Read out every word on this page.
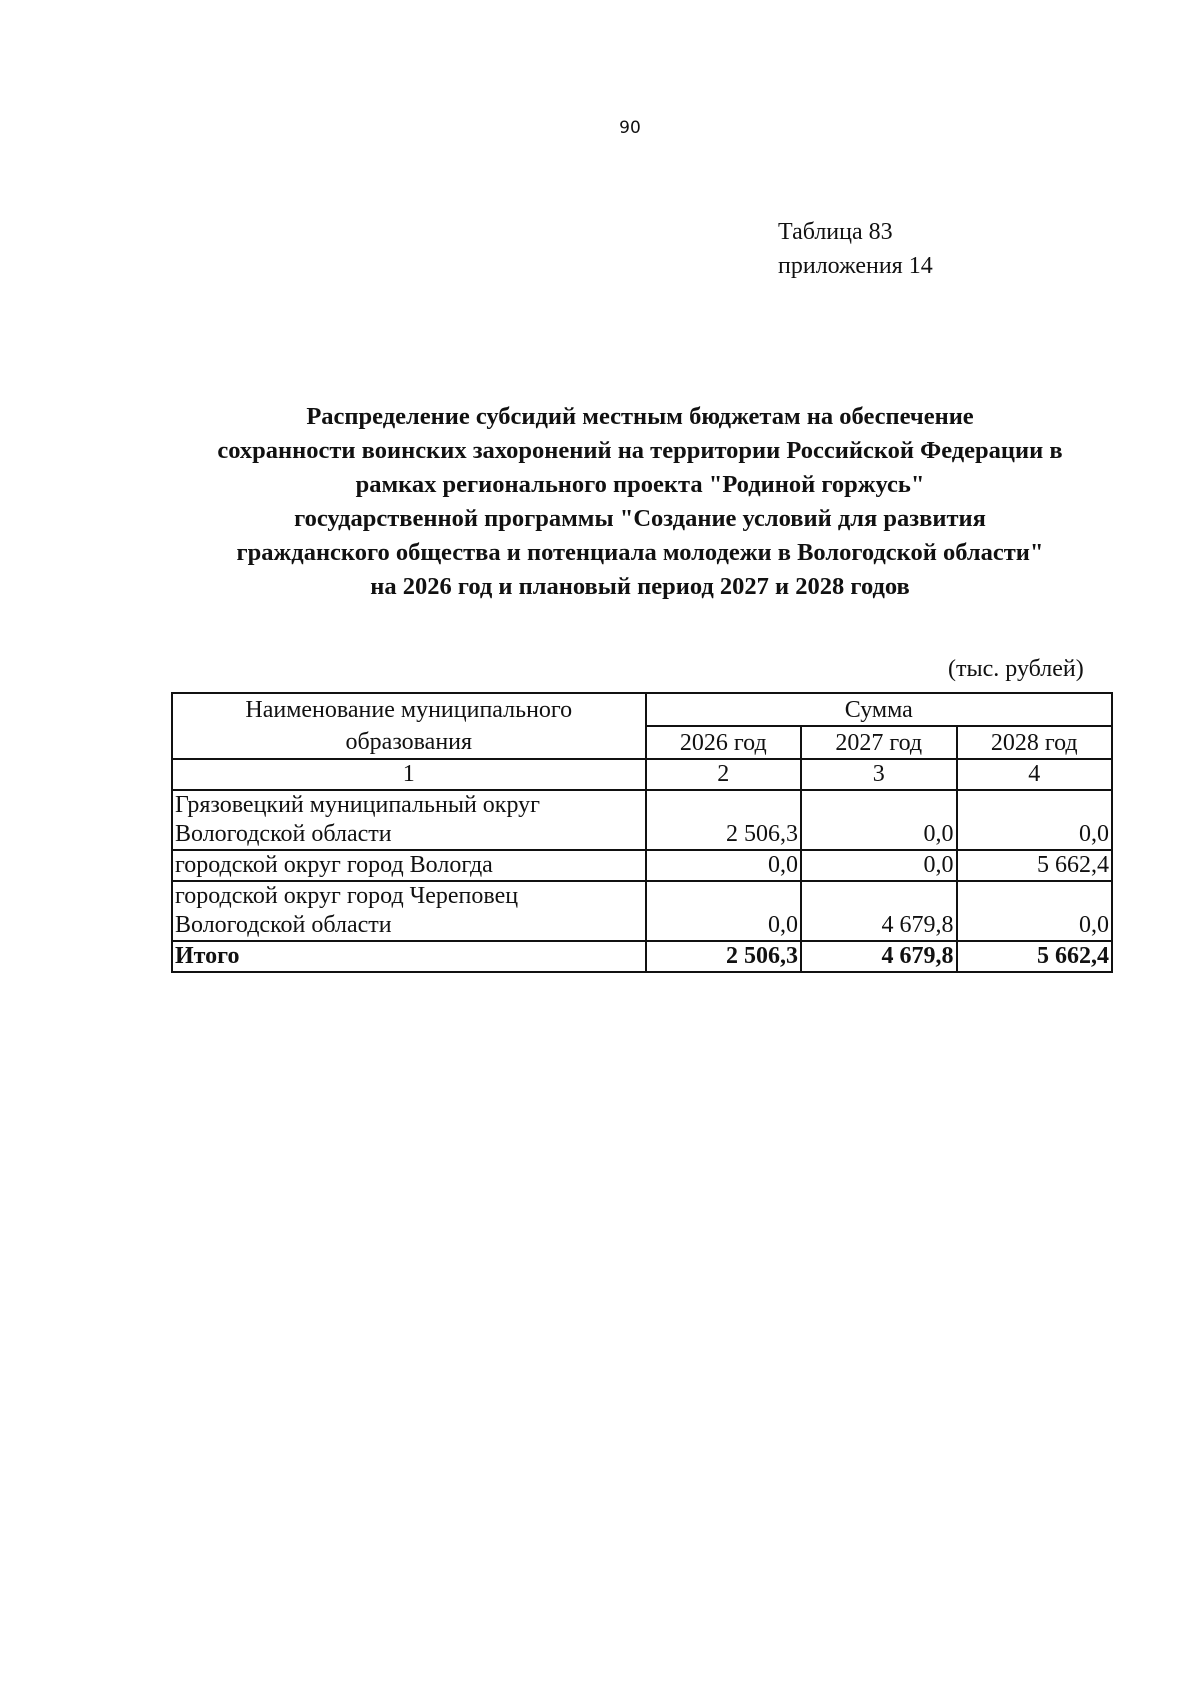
90
Таблица 83
приложения 14
Распределение субсидий местным бюджетам на обеспечение
сохранности воинских захоронений на территории Российской Федерации в
рамках регионального проекта "Родиной горжусь"
государственной программы "Создание условий для развития
гражданского общества и потенциала молодежи в Вологодской области"
на 2026 год и плановый период 2027 и 2028 годов
(тыс. рублей)
Наименование муниципального
образования	Сумма		
	2026 год	2027 год	2028 год
1	2	3	4

Грязовецкий муниципальный округ
Вологодской области	2 506,3	0,0	0,0
городской округ город Вологда	0,0	0,0	5 662,4

городской округ город Череповец
Вологодской области	0,0	4 679,8	0,0
Итого	2 506,3	4 679,8	5 662,4
